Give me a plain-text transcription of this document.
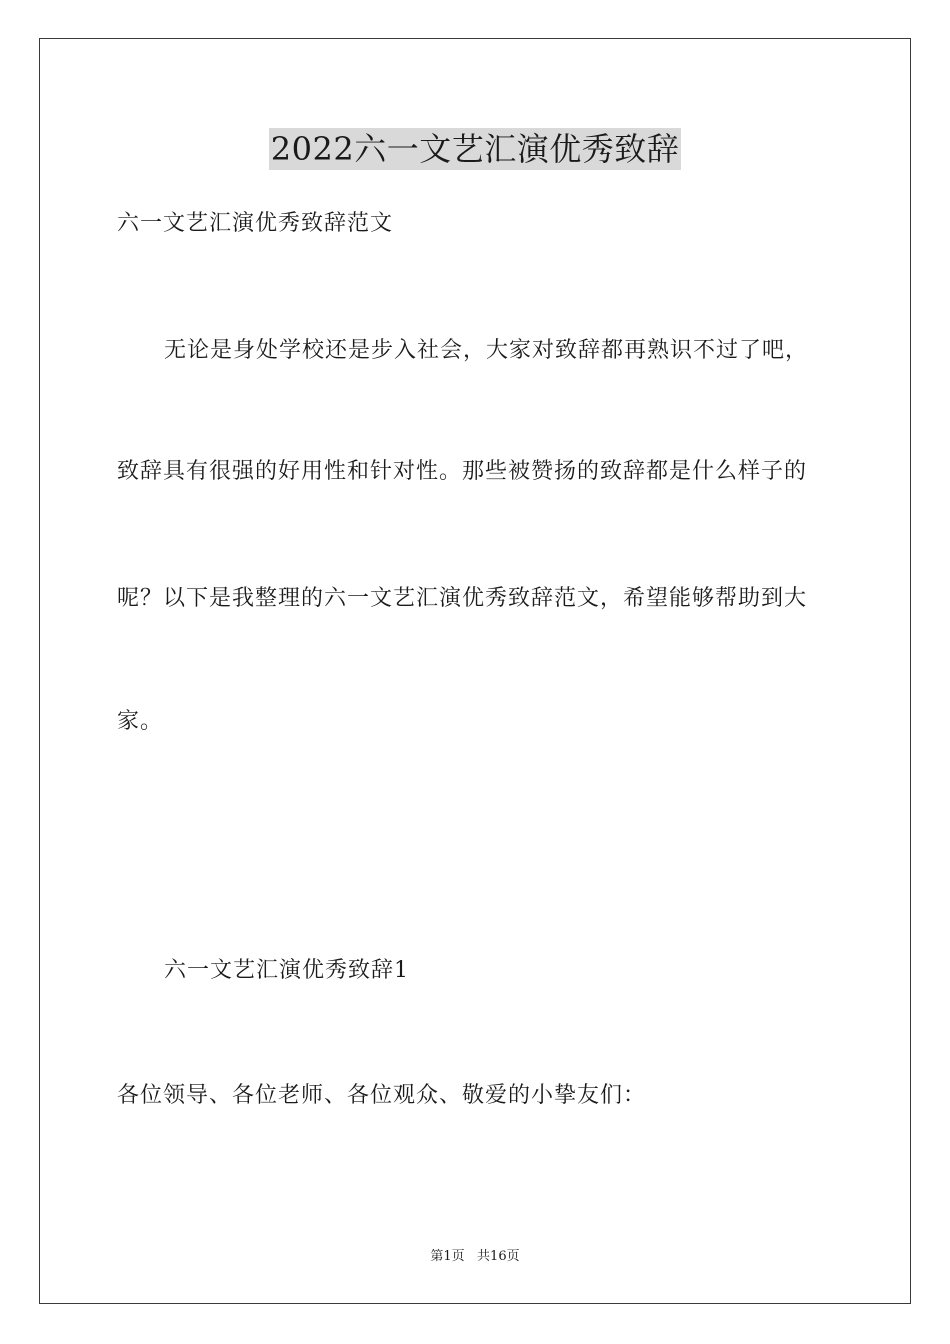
2022六一文艺汇演优秀致辞
六一文艺汇演优秀致辞范文
无论是身处学校还是步入社会，大家对致辞都再熟识不过了吧，
致辞具有很强的好用性和针对性。那些被赞扬的致辞都是什么样子的
呢？以下是我整理的六一文艺汇演优秀致辞范文，希望能够帮助到大
家。
六一文艺汇演优秀致辞1
各位领导、各位老师、各位观众、敬爱的小挚友们：
第1页   共16页
